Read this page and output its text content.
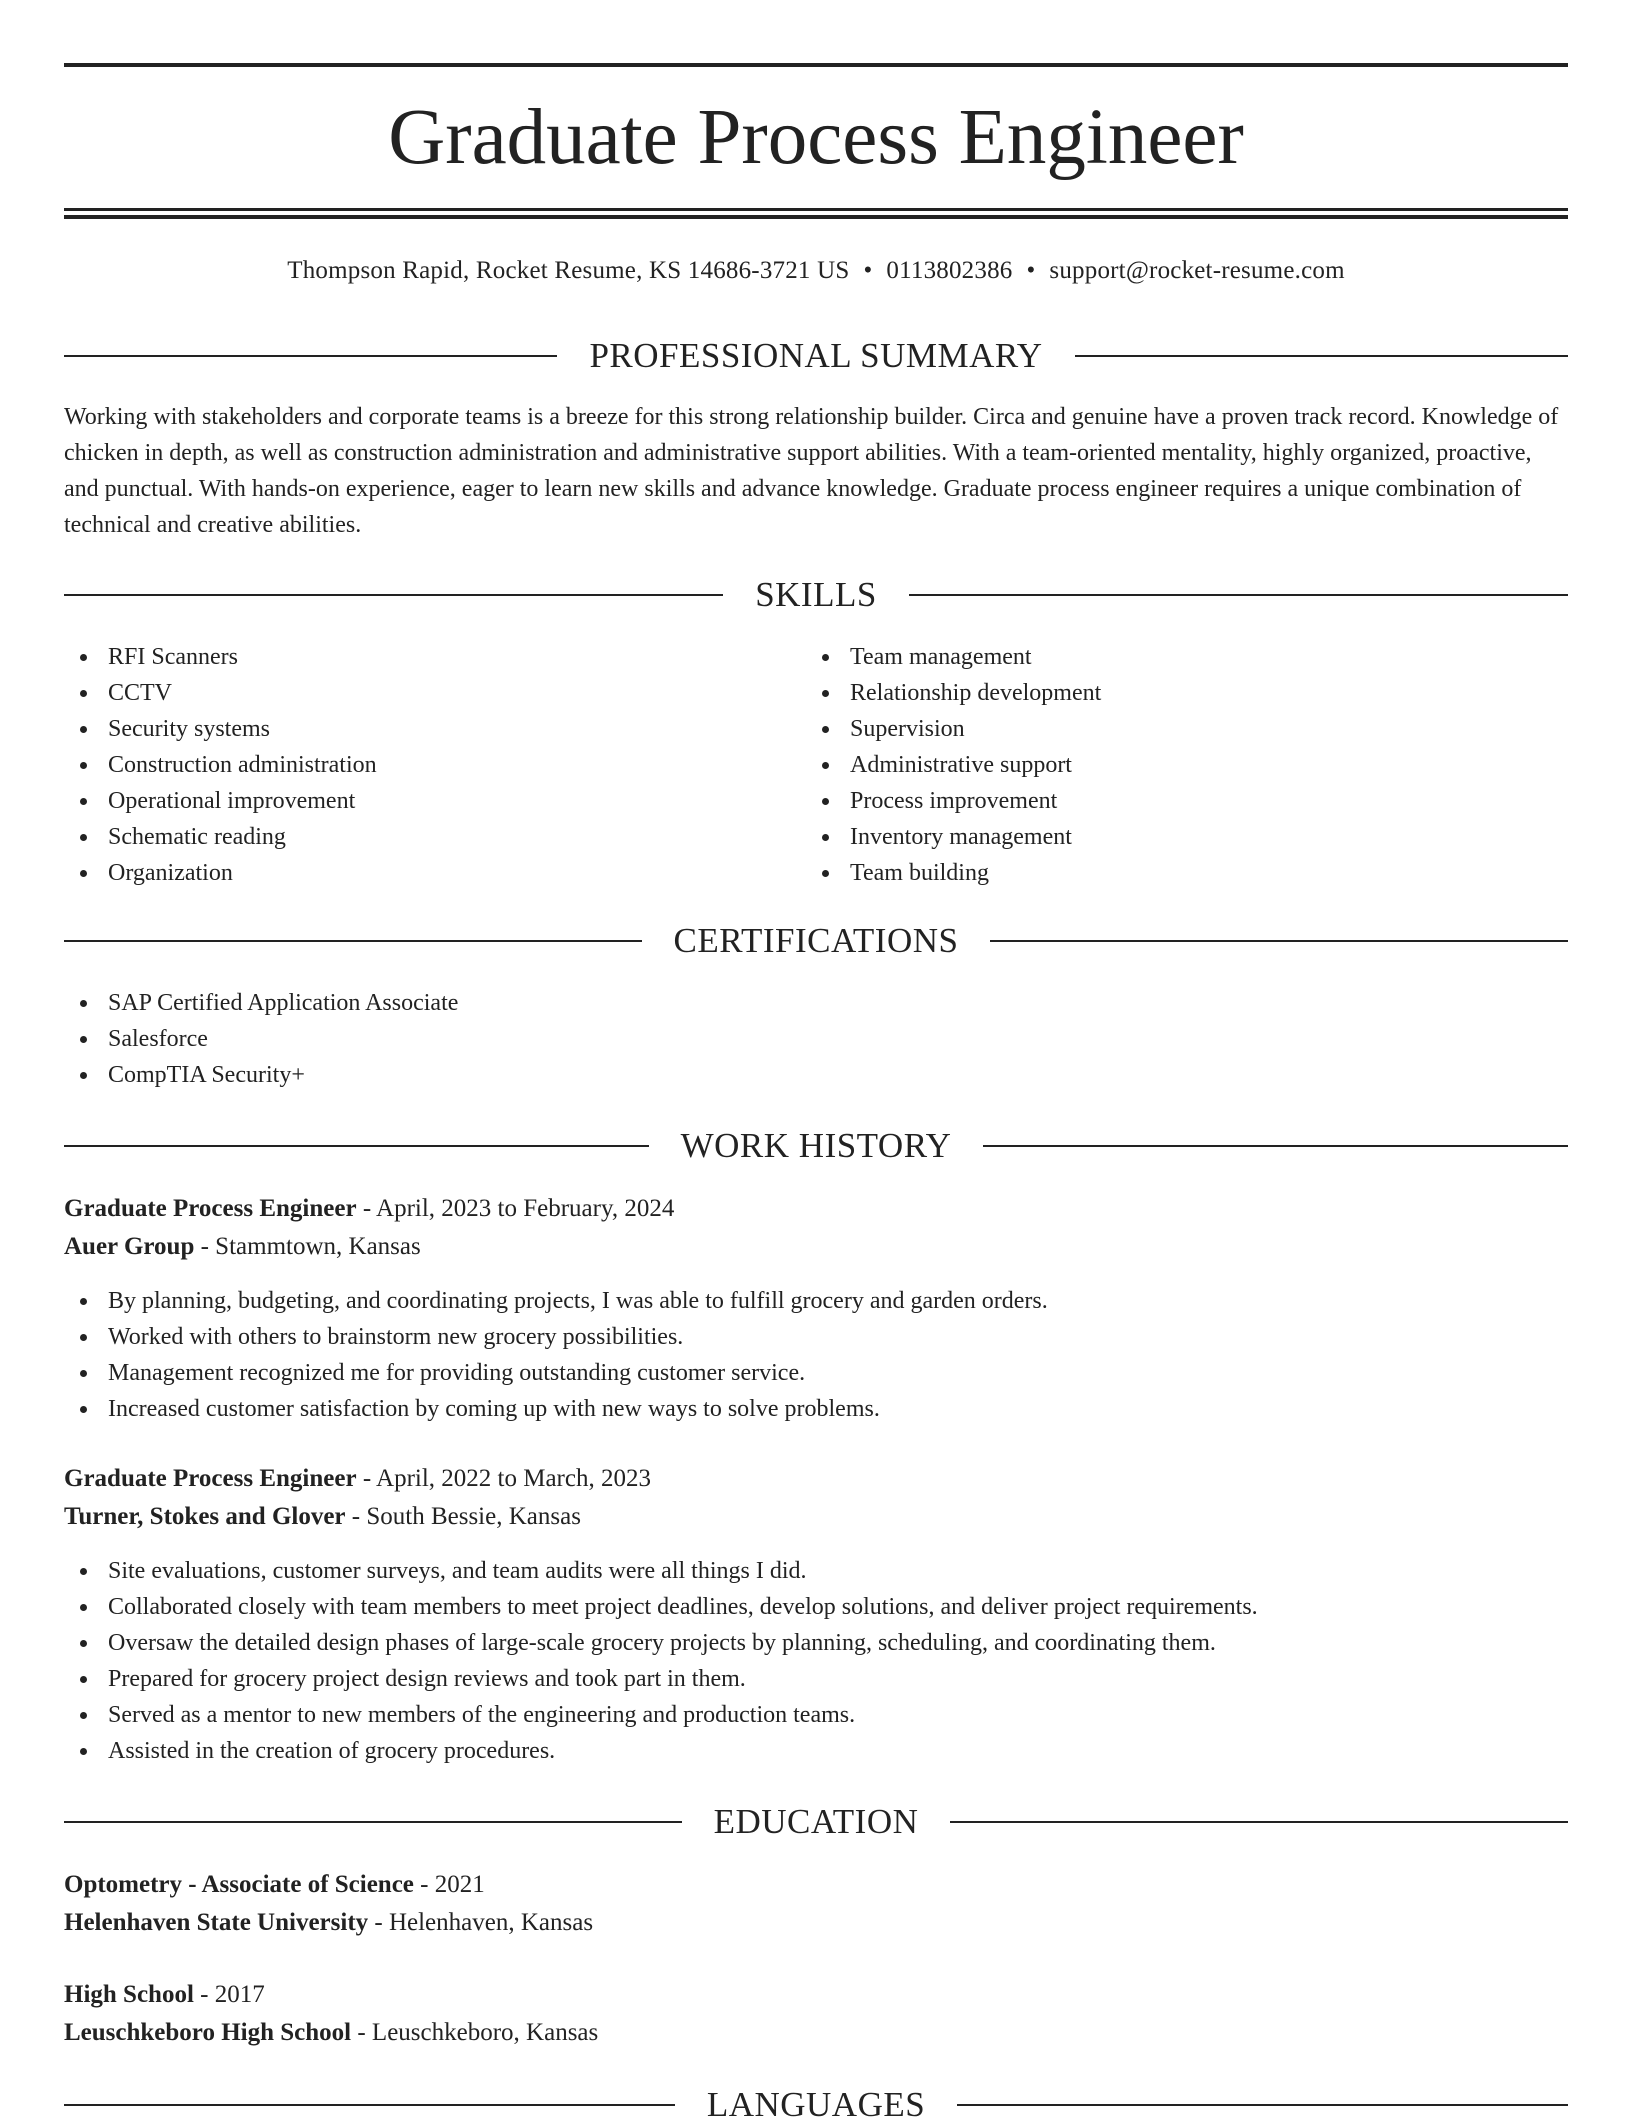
Graduate Process Engineer
Thompson Rapid, Rocket Resume, KS 14686-3721 US • 0113802386 • support@rocket-resume.com
PROFESSIONAL SUMMARY

Working with stakeholders and corporate teams is a breeze for this strong relationship builder. Circa and genuine have a proven track record. Knowledge of chicken in depth, as well as construction administration and administrative support abilities. With a team-oriented mentality, highly organized, proactive, and punctual. With hands-on experience, eager to learn new skills and advance knowledge. Graduate process engineer requires a unique combination of technical and creative abilities.

SKILLS
RFI Scanners
CCTV
Security systems
Construction administration
Operational improvement
Schematic reading
Organization
Team management
Relationship development
Supervision
Administrative support
Process improvement
Inventory management
Team building
CERTIFICATIONS
SAP Certified Application Associate
Salesforce
CompTIA Security+
WORK HISTORY
Graduate Process Engineer - April, 2023 to February, 2024
Auer Group - Stammtown, Kansas
By planning, budgeting, and coordinating projects, I was able to fulfill grocery and garden orders.
Worked with others to brainstorm new grocery possibilities.
Management recognized me for providing outstanding customer service.
Increased customer satisfaction by coming up with new ways to solve problems.
Graduate Process Engineer - April, 2022 to March, 2023
Turner, Stokes and Glover - South Bessie, Kansas
Site evaluations, customer surveys, and team audits were all things I did.
Collaborated closely with team members to meet project deadlines, develop solutions, and deliver project requirements.
Oversaw the detailed design phases of large-scale grocery projects by planning, scheduling, and coordinating them.
Prepared for grocery project design reviews and took part in them.
Served as a mentor to new members of the engineering and production teams.
Assisted in the creation of grocery procedures.
EDUCATION
Optometry - Associate of Science - 2021
Helenhaven State University - Helenhaven, Kansas
High School - 2017
Leuschkeboro High School - Leuschkeboro, Kansas
LANGUAGES
